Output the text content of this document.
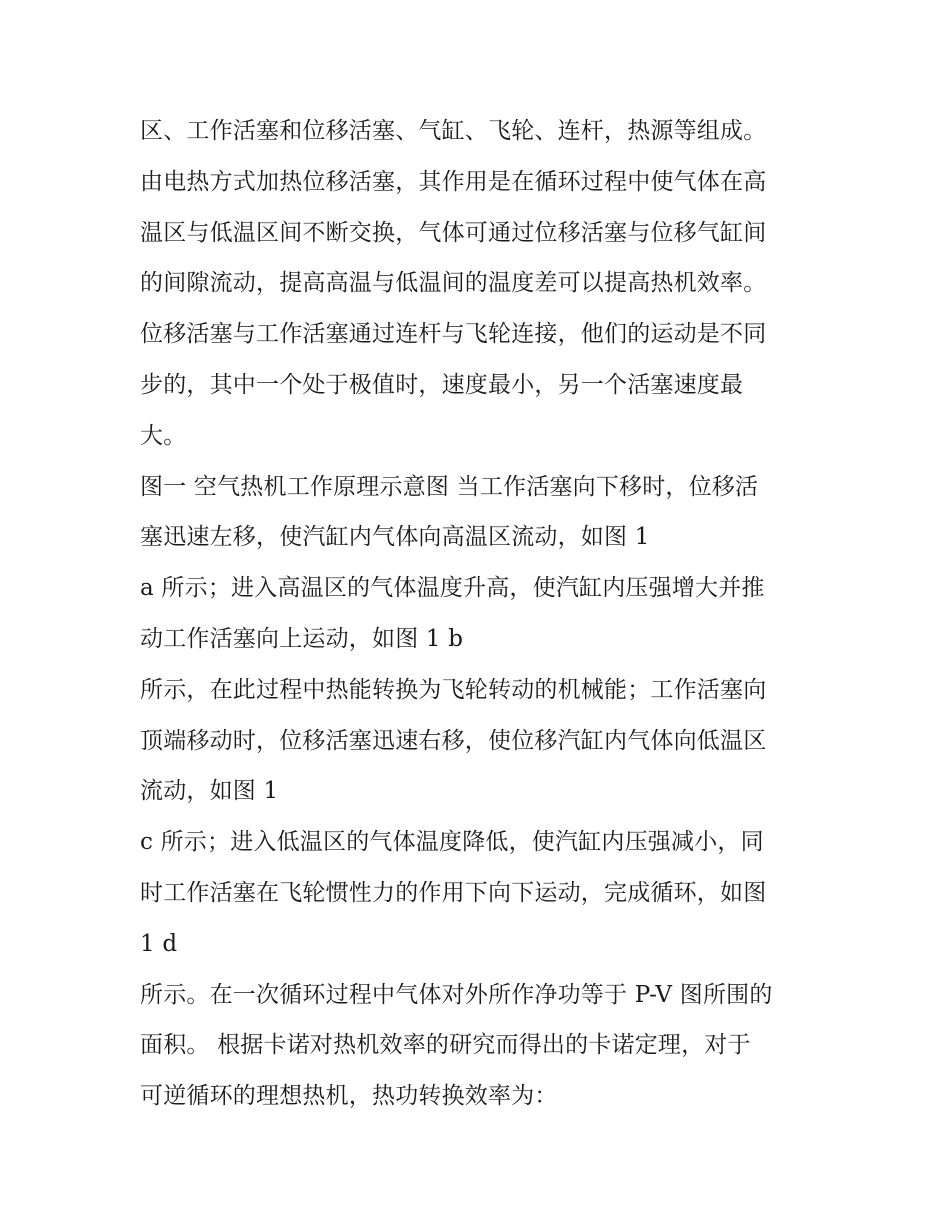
区、工作活塞和位移活塞、气缸、飞轮、连杆，热源等组成。
由电热方式加热位移活塞，其作用是在循环过程中使气体在高
温区与低温区间不断交换，气体可通过位移活塞与位移气缸间
的间隙流动，提高高温与低温间的温度差可以提高热机效率。
位移活塞与工作活塞通过连杆与飞轮连接，他们的运动是不同
步的，其中一个处于极值时，速度最小，另一个活塞速度最
大。
图一 空气热机工作原理示意图 当工作活塞向下移时，位移活
塞迅速左移，使汽缸内气体向高温区流动，如图 1
a 所示；进入高温区的气体温度升高，使汽缸内压强增大并推
动工作活塞向上运动，如图 1 b
所示，在此过程中热能转换为飞轮转动的机械能；工作活塞向
顶端移动时，位移活塞迅速右移，使位移汽缸内气体向低温区
流动，如图 1
c 所示；进入低温区的气体温度降低，使汽缸内压强减小，同
时工作活塞在飞轮惯性力的作用下向下运动，完成循环，如图
1 d
所示。在一次循环过程中气体对外所作净功等于 P-V 图所围的
面积。 根据卡诺对热机效率的研究而得出的卡诺定理，对于
可逆循环的理想热机，热功转换效率为：
